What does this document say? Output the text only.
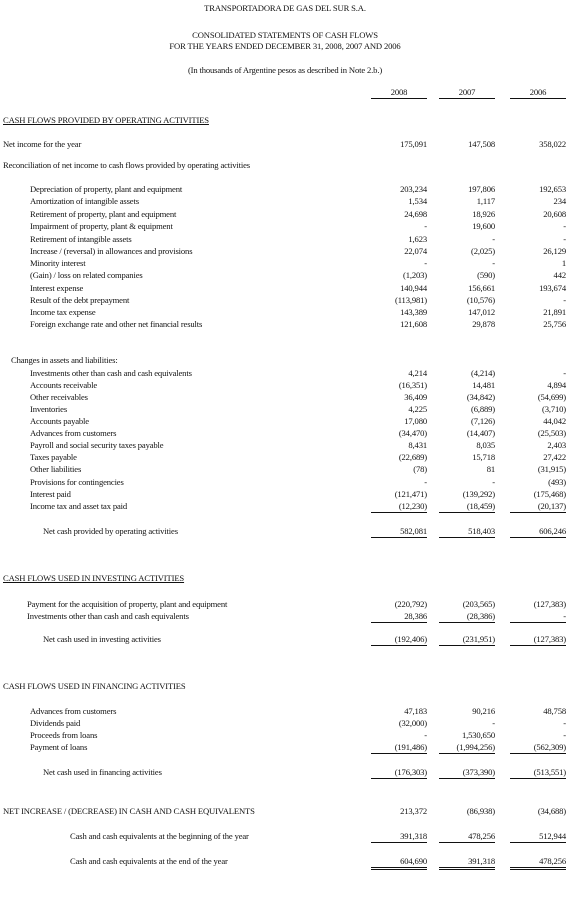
TRANSPORTADORA DE GAS DEL SUR S.A.
CONSOLIDATED STATEMENTS OF CASH FLOWS
FOR THE YEARS ENDED DECEMBER 31, 2008, 2007 AND 2006
(In thousands of Argentine pesos as described in Note 2.b.)
2008	2007	2006
CASH FLOWS PROVIDED BY OPERATING ACTIVITIES
Net income for the year	175,091	147,508	358,022
Reconciliation of net income to cash flows provided by operating activities
Depreciation of property, plant and equipment	203,234	197,806	192,653
Amortization of intangible assets	1,534	1,117	234
Retirement of property, plant and equipment	24,698	18,926	20,608
Impairment of property, plant & equipment	-	19,600	-
Retirement of intangible assets	1,623	-	-
Increase / (reversal) in allowances and provisions	22,074	(2,025)	26,129
Minority interest	-	-	1
(Gain) / loss on related companies	(1,203)	(590)	442
Interest expense	140,944	156,661	193,674
Result of the debt prepayment	(113,981)	(10,576)	-
Income tax expense	143,389	147,012	21,891
Foreign exchange rate and other net financial results	121,608	29,878	25,756
Changes in assets and liabilities:
Investments other than cash and cash equivalents	4,214	(4,214)	-
Accounts receivable	(16,351)	14,481	4,894
Other receivables	36,409	(34,842)	(54,699)
Inventories	4,225	(6,889)	(3,710)
Accounts payable	17,080	(7,126)	44,042
Advances from customers	(34,470)	(14,407)	(25,503)
Payroll and social security taxes payable	8,431	8,035	2,403
Taxes payable	(22,689)	15,718	27,422
Other liabilities	(78)	81	(31,915)
Provisions for contingencies	-	-	(493)
Interest paid	(121,471)	(139,292)	(175,468)
Income tax and asset tax paid	(12,230)	(18,459)	(20,137)
Net cash provided by operating activities	582,081	518,403	606,246
CASH FLOWS USED IN INVESTING ACTIVITIES
Payment for the acquisition of property, plant and equipment	(220,792)	(203,565)	(127,383)
Investments other than cash and cash equivalents	28,386	(28,386)	-
Net cash used in investing activities	(192,406)	(231,951)	(127,383)
CASH FLOWS USED IN FINANCING ACTIVITIES
Advances from customers	47,183	90,216	48,758
Dividends paid	(32,000)	-	-
Proceeds from loans	-	1,530,650	-
Payment of loans	(191,486)	(1,994,256)	(562,309)
Net cash used in financing activities	(176,303)	(373,390)	(513,551)
NET INCREASE / (DECREASE) IN CASH AND CASH EQUIVALENTS	213,372	(86,938)	(34,688)
Cash and cash equivalents at the beginning of the year	391,318	478,256	512,944
Cash and cash equivalents at the end of the year	604,690	391,318	478,256
